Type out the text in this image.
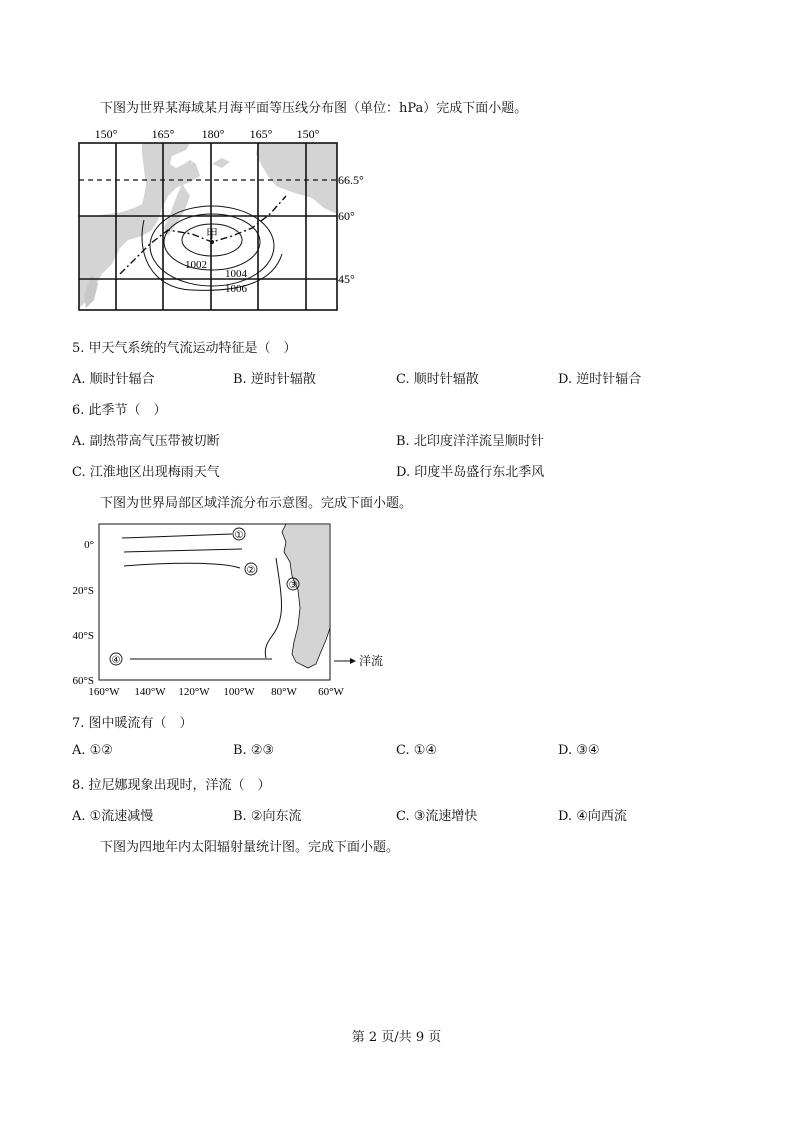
下图为世界某海域某月海平面等压线分布图（单位：hPa）完成下面小题。
150°	165° 180° 165° 150°
甲
1002
1004
1006
66.5°
60°
45°
5. 甲天气系统的气流运动特征是（　）
A. 顺时针辐合	B. 逆时针辐散	C. 顺时针辐散	D. 逆时针辐合
6. 此季节（　）
A. 副热带高气压带被切断	B. 北印度洋洋流呈顺时针
C. 江淮地区出现梅雨天气	D. 印度半岛盛行东北季风
下图为世界局部区域洋流分布示意图。完成下面小题。
①
②
③
④
0°
20°S
40°S
60°S
160°W 140°W 120°W 100°W 80°W 60°W
洋流
7. 图中暖流有（　）
A. ①②	B. ②③	C. ①④	D. ③④
8. 拉尼娜现象出现时，洋流（　）
A. ①流速减慢	B. ②向东流	C. ③流速增快	D. ④向西流
下图为四地年内太阳辐射量统计图。完成下面小题。
第 2 页/共 9 页
